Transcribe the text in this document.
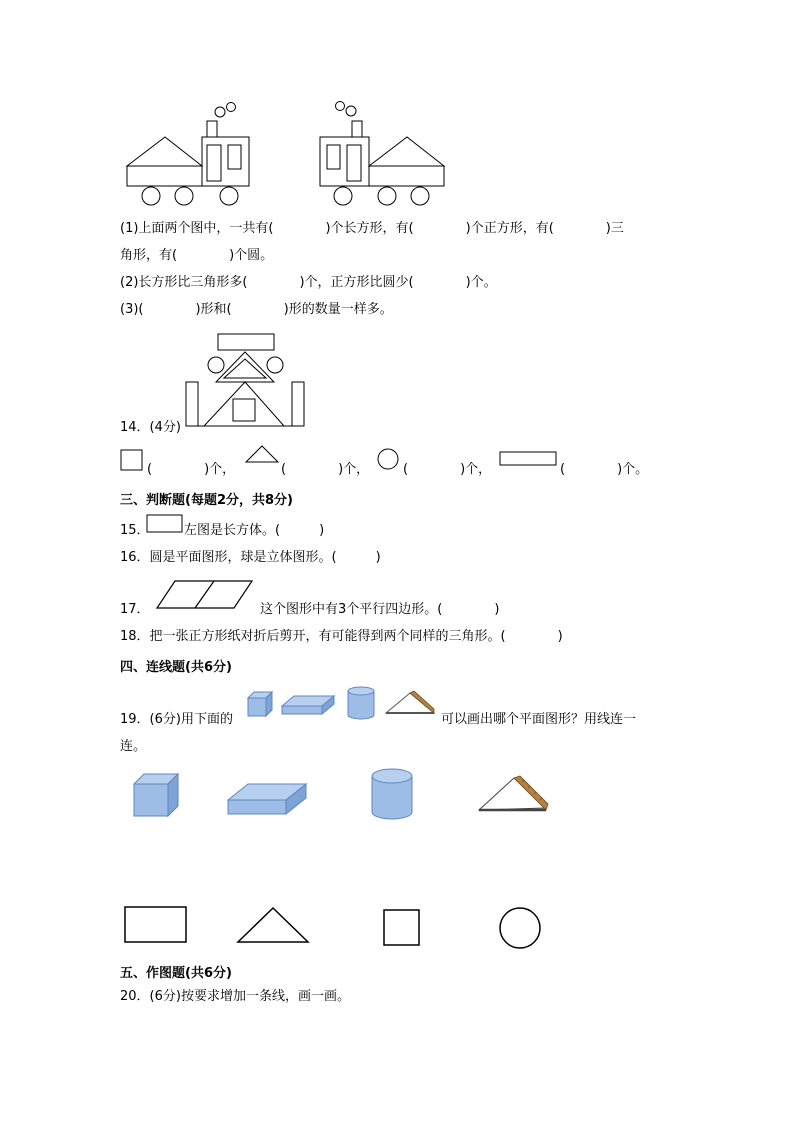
(1)上面两个图中，一共有(　　　　)个长方形，有(　　　　)个正方形，有(　　　　)三
角形，有(　　　　)个圆。
(2)长方形比三角形多(　　　　)个，正方形比圆少(　　　　)个。
(3)(　　　　)形和(　　　　)形的数量一样多。
14．(4分)
(　　　　)个，	(　　　　)个，	(　　　　)个，	(　　　　)个。
三、判断题(每题2分，共8分)
15．	左图是长方体。(　　　)
16．圆是平面图形，球是立体图形。(　　　)
17．	这个图形中有3个平行四边形。(　　　　)
18．把一张正方形纸对折后剪开，有可能得到两个同样的三角形。(　　　　)
四、连线题(共6分)
19．(6分)用下面的	可以画出哪个平面图形？用线连一
连。
五、作图题(共6分)
20．(6分)按要求增加一条线，画一画。
